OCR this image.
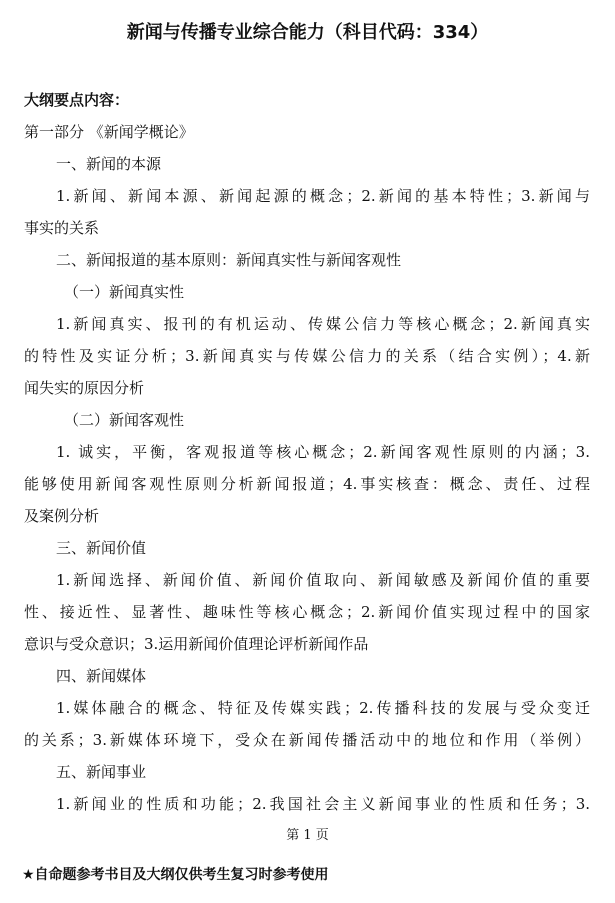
新闻与传播专业综合能力（科目代码：334）
大纲要点内容：
第一部分 《新闻学概论》
一、新闻的本源
1.新闻、新闻本源、新闻起源的概念；2.新闻的基本特性；3.新闻与
事实的关系
二、新闻报道的基本原则：新闻真实性与新闻客观性
（一）新闻真实性
1.新闻真实、报刊的有机运动、传媒公信力等核心概念；2.新闻真实
的特性及实证分析；3.新闻真实与传媒公信力的关系（结合实例）；4.新
闻失实的原因分析
（二）新闻客观性
1. 诚实，平衡，客观报道等核心概念；2.新闻客观性原则的内涵；3.
能够使用新闻客观性原则分析新闻报道；4.事实核查：概念、责任、过程
及案例分析
三、新闻价值
1.新闻选择、新闻价值、新闻价值取向、新闻敏感及新闻价值的重要
性、接近性、显著性、趣味性等核心概念；2.新闻价值实现过程中的国家
意识与受众意识；3.运用新闻价值理论评析新闻作品
四、新闻媒体
1.媒体融合的概念、特征及传媒实践；2.传播科技的发展与受众变迁
的关系；3.新媒体环境下，受众在新闻传播活动中的地位和作用（举例）
五、新闻事业
1.新闻业的性质和功能；2.我国社会主义新闻事业的性质和任务；3.
第 1 页
★自命题参考书目及大纲仅供考生复习时参考使用
